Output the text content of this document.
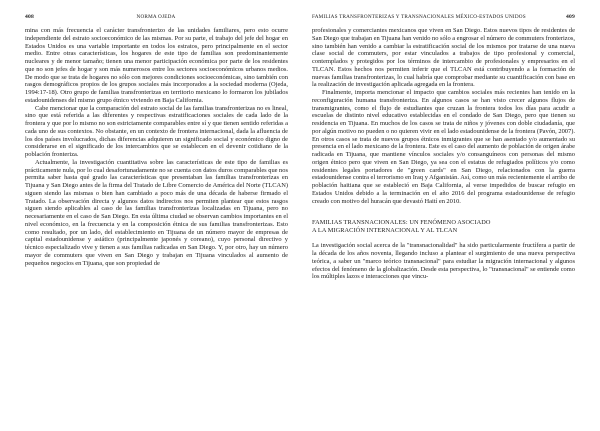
408	NORMA OJEDA

mina con más frecuencia el carácter transfronterizo de las unidades familiares, pero esto ocurre independiente del estrato socioeconómico de las mismas. Por su parte, el trabajo del jefe del hogar en Estados Unidos es una variable importante en todos los estratos, pero principalmente en el sector medio. Entre otras características, los hogares de este tipo de familias son predominantemente nucleares y de menor tamaño; tienen una menor participación económica por parte de los residentes que no son jefes de hogar y son más numerosos entre los sectores socioeconómicos urbanos medios. De modo que se trata de hogares no sólo con mejores condiciones socioeconómicas, sino también con rasgos demográficos propios de los grupos sociales más incorporados a la sociedad moderna (Ojeda, 1994:17-18). Otro grupo de familias transfronterizas en territorio mexicano lo formaron los jubilados estadounidenses del mismo grupo étnico viviendo en Baja California.

Cabe mencionar que la comparación del estrato social de las familias transfronterizas no es lineal, sino que está referida a las diferentes y respectivas estratificaciones sociales de cada lado de la frontera y que por lo mismo no son estrictamente comparables entre sí y que tienen sentido referidas a cada uno de sus contextos. No obstante, en un contexto de frontera internacional, dada la afluencia de los dos países involucrados, dichas diferencias adquieren un significado social y económico digno de considerarse en el significado de los intercambios que se establecen en el devenir cotidiano de la población fronteriza.

Actualmente, la investigación cuantitativa sobre las características de este tipo de familias es prácticamente nula, por lo cual desafortunadamente no se cuenta con datos duros comparables que nos permita saber hasta qué grado las características que presentaban las familias transfronterizas en Tijuana y San Diego antes de la firma del Tratado de Libre Comercio de América del Norte (TLCAN) siguen siendo las mismas o bien han cambiado a poco más de una década de haberse firmado el Tratado. La observación directa y algunos datos indirectos nos permiten plantear que estos rasgos siguen siendo aplicables al caso de las familias transfronterizas localizadas en Tijuana, pero no necesariamente en el caso de San Diego. En esta última ciudad se observan cambios importantes en el nivel económico, en la frecuencia y en la composición étnica de sus familias transfronterizas. Esto como resultado, por un lado, del establecimiento en Tijuana de un número mayor de empresas de capital estadounidense y asiático (principalmente japonés y coreano), cuyo personal directivo y técnico especializado vive y tienen a sus familias radicadas en San Diego. Y, por otro, hay un número mayor de commuters que viven en San Diego y trabajan en Tijuana vinculados al aumento de pequeños negocios en Tijuana, que son propiedad de

FAMILIAS TRANSFRONTERIZAS Y TRANSNACIONALES MÉXICO-ESTADOS UNIDOS	409

profesionales y comerciantes mexicanos que viven en San Diego. Estos nuevos tipos de residentes de San Diego que trabajan en Tijuana han venido no sólo a engrosar el número de commuters fronterizos, sino también han venido a cambiar la estratificación social de los mismos por tratarse de una nueva clase social de commuters, por estar vinculados a trabajos de tipo profesional y comercial, contemplados y protegidos por los términos de intercambio de profesionales y empresarios en el TLCAN. Estos hechos nos permiten inferir que el TLCAN está contribuyendo a la formación de nuevas familias transfronterizas, lo cual habría que comprobar mediante su cuantificación con base en la realización de investigación aplicada agregada en la frontera.

Finalmente, importa mencionar el impacto que cambios sociales más recientes han tenido en la reconfiguración humana transfronteriza. En algunos casos se han visto crecer algunos flujos de transmigrantes, como el flujo de estudiantes que cruzan la frontera todos los días para acudir a escuelas de distinto nivel educativo establecidas en el condado de San Diego, pero que tienen su residencia en Tijuana. En muchos de los casos se trata de niños y jóvenes con doble ciudadanía, que por algún motivo no pueden o no quieren vivir en el lado estadounidense de la frontera (Pavón, 2007). En otros casos se trata de nuevos grupos étnicos inmigrantes que se han asentado y/o aumentado su presencia en el lado mexicano de la frontera. Este es el caso del aumento de población de origen árabe radicada en Tijuana, que mantiene vínculos sociales y/o consanguíneos con personas del mismo origen étnico pero que viven en San Diego, ya sea con el estatus de refugiados políticos y/o como residentes legales portadores de "green cards" en San Diego, relacionados con la guerra estadounidense contra el terrorismo en Iraq y Afganistán. Así, como un más recientemente el arribo de población haitiana que se estableció en Baja California, al verse impedidos de buscar refugio en Estados Unidos debido a la terminación en el año 2016 del programa estadounidense de refugio creado con motivo del huracán que devastó Haití en 2010.

FAMILIAS TRANSNACIONALES: UN FENÓMENO ASOCIADO
A LA MIGRACIÓN INTERNACIONAL Y AL TLCAN

La investigación social acerca de la "transnacionalidad" ha sido particularmente fructífera a partir de la década de los años noventa, llegando incluso a plantear el surgimiento de una nueva perspectiva teórica, a saber un "marco teórico transnacional" para estudiar la migración internacional y algunos efectos del fenómeno de la globalización. Desde esta perspectiva, lo "transnacional" se entiende como los múltiples lazos e interacciones que vincu-
